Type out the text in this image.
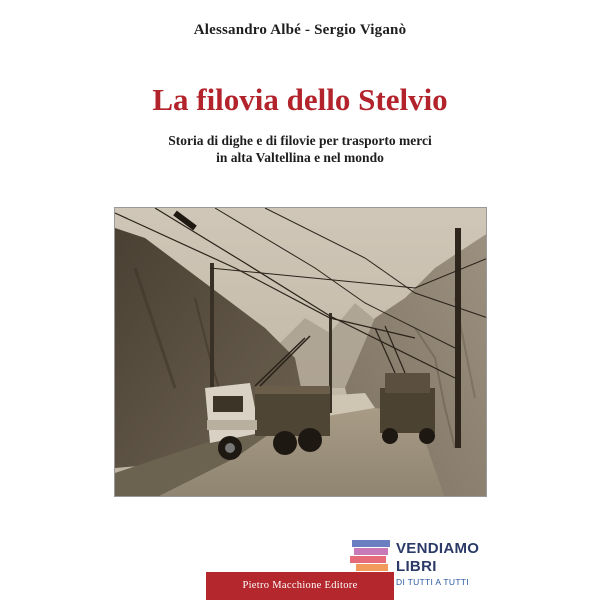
Alessandro Albé - Sergio Viganò
La filovia dello Stelvio
Storia di dighe e di filovie per trasporto merci
in alta Valtellina e nel mondo
VENDIAMO
LIBRI
DI TUTTI A TUTTI
Pietro Macchione Editore
